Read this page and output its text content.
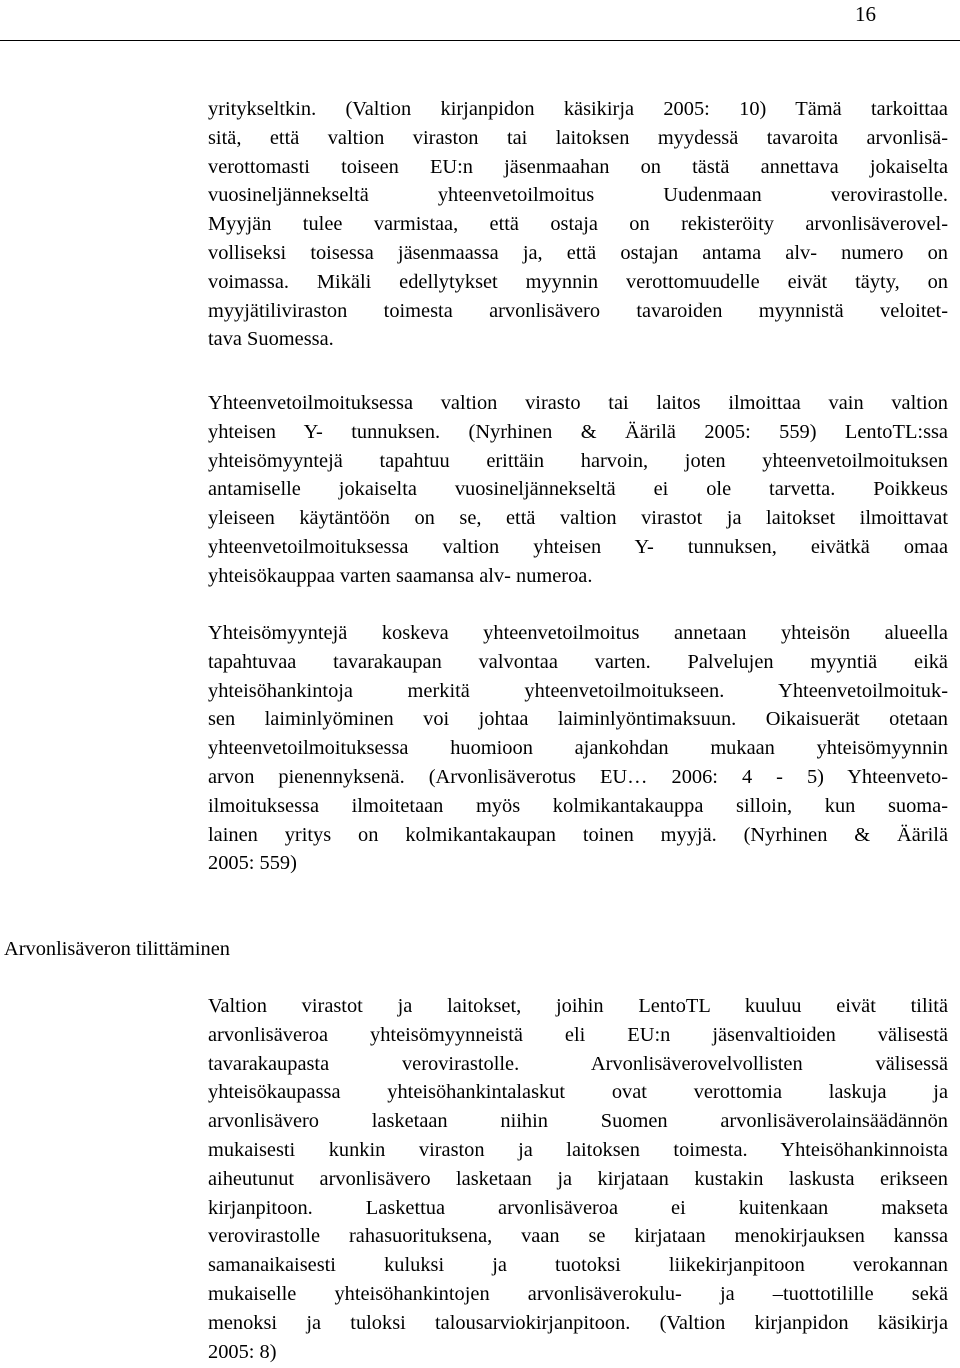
16
yritykseltkin. (Valtion kirjanpidon käsikirja 2005: 10) Tämä tarkoittaa
sitä, että valtion viraston tai laitoksen myydessä tavaroita arvonlisä-
verottomasti toiseen EU:n jäsenmaahan on tästä annettava jokaiselta
vuosineljännekseltä yhteenvetoilmoitus Uudenmaan verovirastolle.
Myyjän tulee varmistaa, että ostaja on rekisteröity arvonlisäverovel-
volliseksi toisessa jäsenmaassa ja, että ostajan antama alv- numero on
voimassa. Mikäli edellytykset myynnin verottomuudelle eivät täyty, on
myyjätiliviraston toimesta arvonlisävero tavaroiden myynnistä veloitet-
tava Suomessa.
Yhteenvetoilmoituksessa valtion virasto tai laitos ilmoittaa vain valtion
yhteisen Y- tunnuksen. (Nyrhinen & Äärilä 2005: 559) LentoTL:ssa
yhteisömyyntejä tapahtuu erittäin harvoin, joten yhteenvetoilmoituksen
antamiselle jokaiselta vuosineljännekseltä ei ole tarvetta. Poikkeus
yleiseen käytäntöön on se, että valtion virastot ja laitokset ilmoittavat
yhteenvetoilmoituksessa valtion yhteisen Y- tunnuksen, eivätkä omaa
yhteisökauppaa varten saamansa alv- numeroa.
Yhteisömyyntejä koskeva yhteenvetoilmoitus annetaan yhteisön alueella
tapahtuvaa tavarakaupan valvontaa varten. Palvelujen myyntiä eikä
yhteisöhankintoja merkitä yhteenvetoilmoitukseen. Yhteenvetoilmoituk-
sen laiminlyöminen voi johtaa laiminlyöntimaksuun. Oikaisuerät otetaan
yhteenvetoilmoituksessa huomioon ajankohdan mukaan yhteisömyynnin
arvon pienennyksenä. (Arvonlisäverotus EU… 2006: 4 - 5) Yhteenveto-
ilmoituksessa ilmoitetaan myös kolmikantakauppa silloin, kun suoma-
lainen yritys on kolmikantakaupan toinen myyjä. (Nyrhinen & Äärilä
2005: 559)
Arvonlisäveron tilittäminen
Valtion virastot ja laitokset, joihin LentoTL kuuluu eivät tilitä
arvonlisäveroa yhteisömyynneistä eli EU:n jäsenvaltioiden välisestä
tavarakaupasta verovirastolle. Arvonlisäverovelvollisten välisessä
yhteisökaupassa yhteisöhankintalaskut ovat verottomia laskuja ja
arvonlisävero lasketaan niihin Suomen arvonlisäverolainsäädännön
mukaisesti kunkin viraston ja laitoksen toimesta. Yhteisöhankinnoista
aiheutunut arvonlisävero lasketaan ja kirjataan kustakin laskusta erikseen
kirjanpitoon. Laskettua arvonlisäveroa ei kuitenkaan makseta
verovirastolle rahasuorituksena, vaan se kirjataan menokirjauksen kanssa
samanaikaisesti kuluksi ja tuotoksi liikekirjanpitoon verokannan
mukaiselle yhteisöhankintojen arvonlisäverokulu- ja –tuottotilille sekä
menoksi ja tuloksi talousarviokirjanpitoon. (Valtion kirjanpidon käsikirja
2005: 8)
